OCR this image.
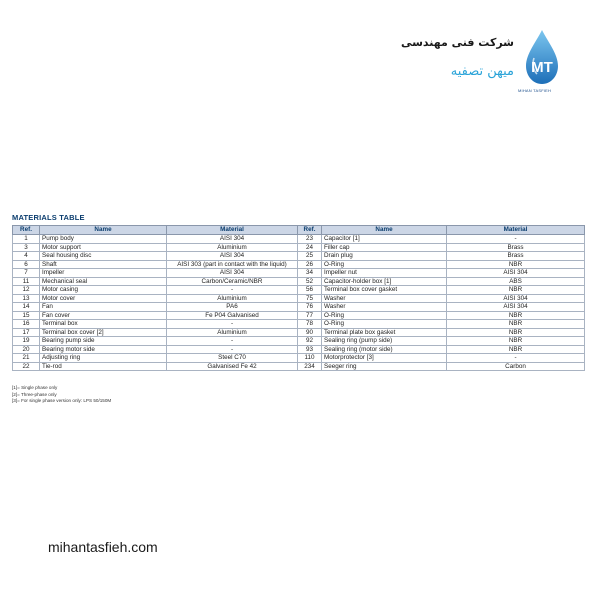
شرکت فنی مهندسی
میهن تصفیه MT
MIHAN TASFIEH
MATERIALS TABLE
Ref.	Name	Material	Ref.	Name	Material
1	Pump body	AISI 304	23	Capacitor [1]	-
3	Motor support	Aluminium	24	Filler cap	Brass
4	Seal housing disc	AISI 304	25	Drain plug	Brass
6	Shaft	AISI 303 (part in contact with the liquid)	26	O-Ring	NBR
7	Impeller	AISI 304	34	Impeller nut	AISI 304
11	Mechanical seal	Carbon/Ceramic/NBR	52	Capacitor-holder box [1]	ABS
12	Motor casing	-	56	Terminal box cover gasket	NBR
13	Motor cover	Aluminium	75	Washer	AISI 304
14	Fan	PA6	76	Washer	AISI 304
15	Fan cover	Fe P04 Galvanised	77	O-Ring	NBR
16	Terminal box	-	78	O-Ring	NBR
17	Terminal box cover [2]	Aluminium	90	Terminal plate box gasket	NBR
19	Bearing pump side	-	92	Sealing ring (pump side)	NBR
20	Bearing motor side	-	93	Sealing ring (motor side)	NBR
21	Adjusting ring	Steel C70	110	Motorprotector [3]	-
22	Tie-rod	Galvanised Fe 42	234	Seeger ring	Carbon
[1]= Single phase only
[2]= Three-phase only
[3]= For single phase version only: LPS 50/150M
mihantasfieh.com
